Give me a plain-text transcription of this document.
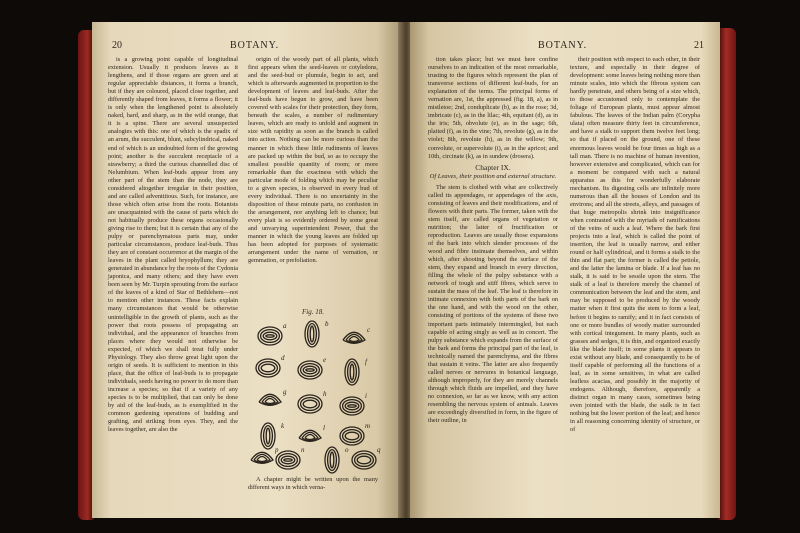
20	BOTANY.

is a growing point capable of longitudinal extension. Usually it produces leaves as it lengthens, and if those organs are green and at regular appreciable distances, it forms a branch, but if they are coloured, placed close together, and differently shaped from leaves, it forms a flower; it is only when the lengthened point is absolutely naked, hard, and sharp, as in the wild orange, that it is a spine. There are several unsuspected analogies with this: one of which is the spadix of an arum, the succulent, blunt, subcylindrical, naked end of which is an undoubted form of the growing point; another is the succulent receptacle of a strawberry; a third the curious channelled disc of Nelumbium. When leaf-buds appear from any other part of the stem than the node, they are considered altogether irregular in their position, and are called adventitious. Such, for instance, are those which often arise from the roots. Botanists are unacquainted with the cause of parts which do not habitually produce these organs occasionally giving rise to them; but it is certain that any of the pulpy or parenchymatous parts may, under particular circumstances, produce leaf-buds. Thus they are of constant occurrence at the margin of the leaves in the plant called bryophyllum; they are generated in abundance by the roots of the Cydonia japonica, and many others; and they have even been seen by Mr. Turpin sprouting from the surface of the leaves of a kind of Star of Bethlehem—not to mention other instances. These facts explain many circumstances that would be otherwise unintelligible in the growth of plants, such as the power that roots possess of propagating an individual, and the appearance of branches from places where they would not otherwise be expected, of which we shall treat fully under Physiology. They also throw great light upon the origin of seeds. It is sufficient to mention in this place, that the office of leaf-buds is to propagate individuals, seeds having no power to do more than increase a species; so that if a variety of any species is to be multiplied, that can only be done by aid of the leaf-buds, as is exemplified in the common gardening operations of budding and grafting, and striking from eyes. They, and the leaves together, are also the

origin of the woody part of all plants, which first appears when the seed-leaves or cotyledons, and the seed-bud or plumule, begin to act, and which is afterwards augmented in proportion to the development of leaves and leaf-buds. After the leaf-buds have begun to grow, and have been covered with scales for their protection, they form, beneath the scales, a number of rudimentary leaves, which are ready to unfold and augment in size with rapidity as soon as the branch is called into action. Nothing can be more curious than the manner in which these little rudiments of leaves are packed up within the bud, so as to occupy the smallest possible quantity of room; or more remarkable than the exactness with which the particular mode of folding which may be peculiar to a given species, is observed in every bud of every individual. There is no uncertainty in the disposition of these minute parts, no confusion in the arrangement, nor anything left to chance; but every plait is so evidently ordered by some great and unvarying superintendent Power, that the manner in which the young leaves are folded up has been adopted for purposes of systematic arrangement under the name of vernation, or gemmation, or prefoliation.

Fig. 18.
a	b
c
d	e	f
g	h	i
k	l	m
n	o
p	q

A chapter might be written upon the many different ways in which verna-

BOTANY.	21

tion takes place; but we must here confine ourselves to an indication of the most remarkable, trusting to the figures which represent the plan of transverse sections of different leaf-buds, for an explanation of the terms. The principal forms of vernation are, 1st, the appressed (fig. 18, a), as in mistletoe; 2nd, conduplicate (b), as in the rose; 3d, imbricate (c), as in the lilac; 4th, equitant (d), as in the iris; 5th, obvolute (e), as in the sage; 6th, plaited (f), as in the vine; 7th, revolute (g), as in the violet; 8th, revolute (h), as in the willow; 9th, convolute, or supervolute (i), as in the apricot; and 10th, circinate (k), as in sundew (drosera).

Chapter IX.
Of Leaves, their position and external structure.

The stem is clothed with what are collectively called its appendages, or appendages of the axis, consisting of leaves and their modifications, and of flowers with their parts. The former, taken with the stem itself, are called organs of vegetation or nutrition; the latter of fructification or reproduction. Leaves are usually those expansions of the bark into which slender processes of the wood and fibre insinuate themselves, and within which, after shooting beyond the surface of the stem, they expand and branch in every direction, filling the whole of the pulpy substance with a network of tough and stiff fibres, which serve to sustain the mass of the leaf. The leaf is therefore in intimate connexion with both parts of the bark on the one hand, and with the wood on the other, consisting of portions of the systems of these two important parts intimately intermingled, but each capable of acting singly as well as in concert. The pulpy substance which expands from the surface of the bark and forms the principal part of the leaf, is technically named the parenchyma, and the fibres that sustain it veins. The latter are also frequently called nerves or nervures in botanical language, although improperly, for they are merely channels through which fluids are impelled, and they have no connexion, so far as we know, with any action resembling the nervous system of animals. Leaves are exceedingly diversified in form, in the figure of their outline, in

their position with respect to each other, in their texture, and especially in their degree of development: some leaves being nothing more than minute scales, into which the fibrous system can hardly penetrate, and others being of a size which, to those accustomed only to contemplate the foliage of European plants, must appear almost fabulous. The leaves of the Indian palm (Corypha ulata) often measure thirty feet in circumference, and have a stalk to support them twelve feet long; so that if placed on the ground, one of these enormous leaves would be four times as high as a tall man. There is no machine of human invention, however extensive and complicated, which can for a moment be compared with such a natural apparatus as this for wonderfully elaborate mechanism. Its digesting cells are infinitely more numerous than all the houses of London and its environs; and all the streets, alleys, and passages of that huge metropolis shrink into insignificance when contrasted with the myriads of ramifications of the veins of such a leaf. Where the bark first projects into a leaf, which is called the point of insertion, the leaf is usually narrow, and either round or half cylindrical, and it forms a stalk to the thin and flat part; the former is called the petiole, and the latter the lamina or blade. If a leaf has no stalk, it is said to be sessile upon the stem. The stalk of a leaf is therefore merely the channel of communication between the leaf and the stem, and may be supposed to be produced by the woody matter when it first quits the stem to form a leaf, before it begins to ramify; and it in fact consists of one or more bundles of woody matter surrounded with cortical integument. In many plants, such as grasses and sedges, it is thin, and organized exactly like the blade itself; in some plants it appears to exist without any blade, and consequently to be of itself capable of performing all the functions of a leaf, as in some sensitives, in what are called leafless acacias, and possibly in the majority of endogens. Although, therefore, apparently a distinct organ in many cases, sometimes being even jointed with the blade, the stalk is in fact nothing but the lower portion of the leaf; and hence in all reasoning concerning identity of structure, or of
